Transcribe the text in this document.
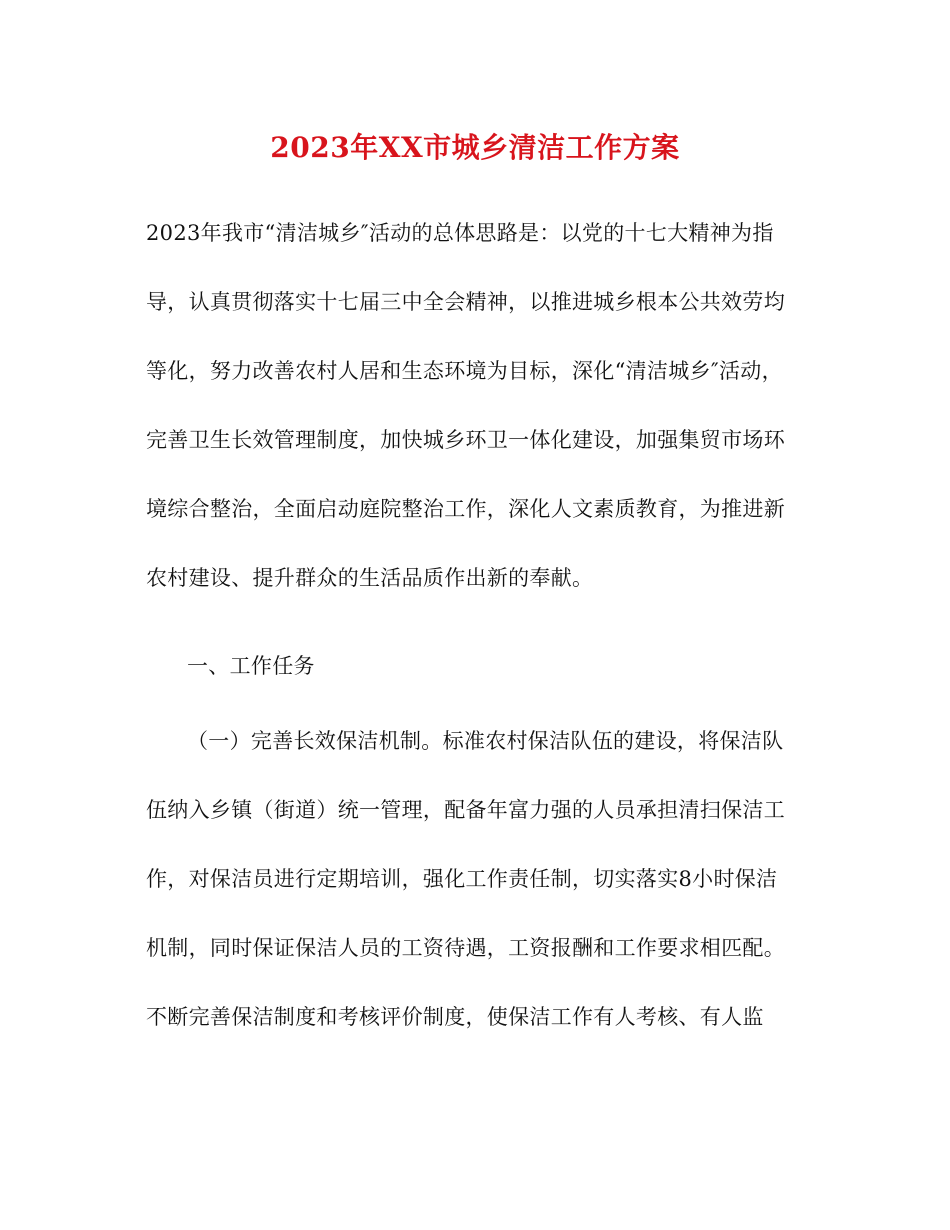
2023年XX市城乡清洁工作方案
2023年我市“清洁城乡″活动的总体思路是：以党的十七大精神为指
导，认真贯彻落实十七届三中全会精神，以推进城乡根本公共效劳均
等化，努力改善农村人居和生态环境为目标，深化“清洁城乡″活动，
完善卫生长效管理制度，加快城乡环卫一体化建设，加强集贸市场环
境综合整治，全面启动庭院整治工作，深化人文素质教育，为推进新
农村建设、提升群众的生活品质作出新的奉献。
一、工作任务
（一）完善长效保洁机制。标准农村保洁队伍的建设，将保洁队
伍纳入乡镇（街道）统一管理，配备年富力强的人员承担清扫保洁工
作，对保洁员进行定期培训，强化工作责任制，切实落实8小时保洁
机制，同时保证保洁人员的工资待遇，工资报酬和工作要求相匹配。
不断完善保洁制度和考核评价制度，使保洁工作有人考核、有人监
